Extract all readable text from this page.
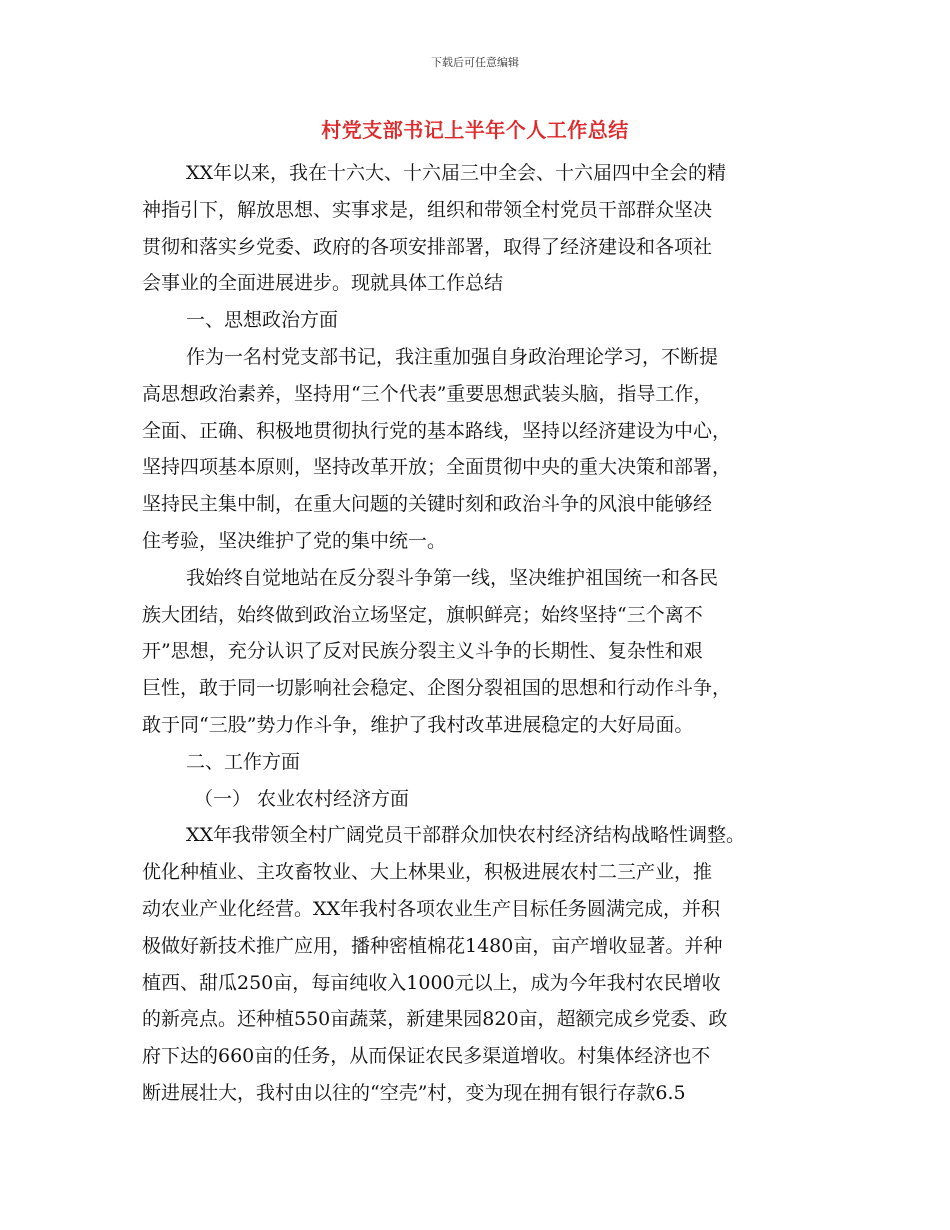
下载后可任意编辑
村党支部书记上半年个人工作总结
XX年以来，我在十六大、十六届三中全会、十六届四中全会的精
神指引下，解放思想、实事求是，组织和带领全村党员干部群众坚决
贯彻和落实乡党委、政府的各项安排部署，取得了经济建设和各项社
会事业的全面进展进步。现就具体工作总结
一、思想政治方面
作为一名村党支部书记，我注重加强自身政治理论学习，不断提
高思想政治素养，坚持用“三个代表”重要思想武装头脑，指导工作，
全面、正确、积极地贯彻执行党的基本路线，坚持以经济建设为中心，
坚持四项基本原则，坚持改革开放；全面贯彻中央的重大决策和部署，
坚持民主集中制，在重大问题的关键时刻和政治斗争的风浪中能够经
住考验，坚决维护了党的集中统一。
我始终自觉地站在反分裂斗争第一线，坚决维护祖国统一和各民
族大团结，始终做到政治立场坚定，旗帜鲜亮；始终坚持“三个离不
开”思想，充分认识了反对民族分裂主义斗争的长期性、复杂性和艰
巨性，敢于同一切影响社会稳定、企图分裂祖国的思想和行动作斗争，
敢于同“三股”势力作斗争，维护了我村改革进展稳定的大好局面。
二、工作方面
（一） 农业农村经济方面
XX年我带领全村广阔党员干部群众加快农村经济结构战略性调整。
优化种植业、主攻畜牧业、大上林果业，积极进展农村二三产业，推
动农业产业化经营。XX年我村各项农业生产目标任务圆满完成，并积
极做好新技术推广应用，播种密植棉花1480亩，亩产增收显著。并种
植西、甜瓜250亩，每亩纯收入1000元以上，成为今年我村农民增收
的新亮点。还种植550亩蔬菜，新建果园820亩，超额完成乡党委、政
府下达的660亩的任务，从而保证农民多渠道增收。村集体经济也不
断进展壮大，我村由以往的“空壳”村，变为现在拥有银行存款6.5
